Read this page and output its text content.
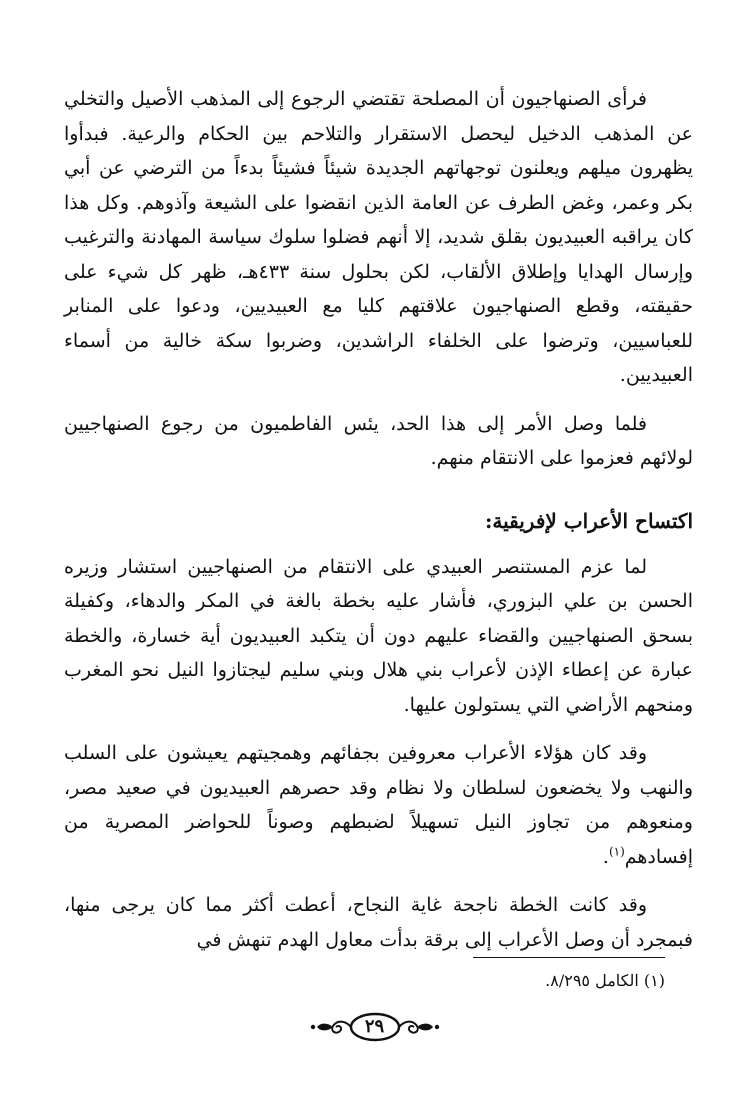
فرأى الصنهاجيون أن المصلحة تقتضي الرجوع إلى المذهب الأصيل والتخلي عن المذهب الدخيل ليحصل الاستقرار والتلاحم بين الحكام والرعية. فبدأوا يظهرون ميلهم ويعلنون توجهاتهم الجديدة شيئاً فشيئاً بدءاً من الترضي عن أبي بكر وعمر، وغض الطرف عن العامة الذين انقضوا على الشيعة وآذوهم. وكل هذا كان يراقبه العبيديون بقلق شديد، إلا أنهم فضلوا سلوك سياسة المهادنة والترغيب وإرسال الهدايا وإطلاق الألقاب، لكن بحلول سنة ٤٣٣هـ، ظهر كل شيء على حقيقته، وقطع الصنهاجيون علاقتهم كليا مع العبيديين، ودعوا على المنابر للعباسيين، وترضوا على الخلفاء الراشدين، وضربوا سكة خالية من أسماء العبيديين.

فلما وصل الأمر إلى هذا الحد، يئس الفاطميون من رجوع الصنهاجيين لولائهم فعزموا على الانتقام منهم.

اكتساح الأعراب لإفريقية:

لما عزم المستنصر العبيدي على الانتقام من الصنهاجيين استشار وزيره الحسن بن علي البزوري، فأشار عليه بخطة بالغة في المكر والدهاء، وكفيلة بسحق الصنهاجيين والقضاء عليهم دون أن يتكبد العبيديون أية خسارة، والخطة عبارة عن إعطاء الإذن لأعراب بني هلال وبني سليم ليجتازوا النيل نحو المغرب ومنحهم الأراضي التي يستولون عليها.

وقد كان هؤلاء الأعراب معروفين بجفائهم وهمجيتهم يعيشون على السلب والنهب ولا يخضعون لسلطان ولا نظام وقد حصرهم العبيديون في صعيد مصر، ومنعوهم من تجاوز النيل تسهيلاً لضبطهم وصوناً للحواضر المصرية من إفسادهم$^{(١)}$.

وقد كانت الخطة ناجحة غاية النجاح، أعطت أكثر مما كان يرجى منها، فبمجرد أن وصل الأعراب إلى برقة بدأت معاول الهدم تنهش في

(١) الكامل ٨/٢٩٥.
٢٩
